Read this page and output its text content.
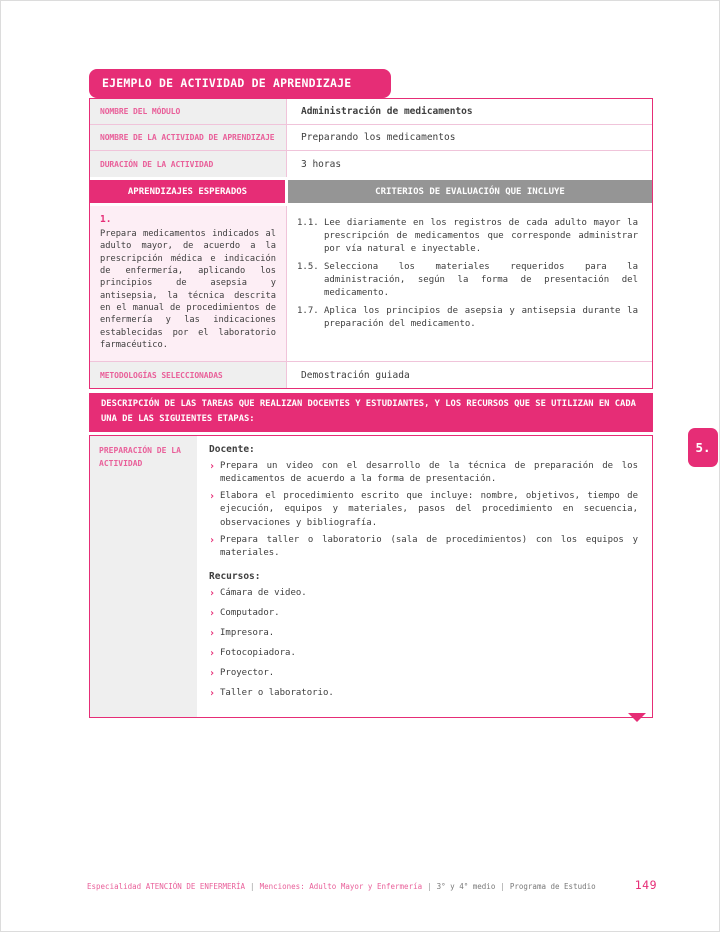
EJEMPLO DE ACTIVIDAD DE APRENDIZAJE
NOMBRE DEL MÓDULO	Administración de medicamentos
NOMBRE DE LA ACTIVIDAD DE APRENDIZAJE	Preparando los medicamentos
DURACIÓN DE LA ACTIVIDAD	3 horas
APRENDIZAJES ESPERADOS	CRITERIOS DE EVALUACIÓN QUE INCLUYE
1.
Prepara medicamentos indicados al adulto mayor, de acuerdo a la prescripción médica e indicación de enfermería, aplicando los principios de asepsia y antisepsia, la técnica descrita en el manual de procedimientos de enfermería y las indicaciones establecidas por el laboratorio farmacéutico.
1.1. Lee diariamente en los registros de cada adulto mayor la prescripción de medicamentos que corresponde administrar por vía natural e inyectable.
1.5. Selecciona los materiales requeridos para la administración, según la forma de presentación del medicamento.
1.7. Aplica los principios de asepsia y antisepsia durante la preparación del medicamento.
METODOLOGÍAS SELECCIONADAS	Demostración guiada
DESCRIPCIÓN DE LAS TAREAS QUE REALIZAN DOCENTES Y ESTUDIANTES, Y LOS RECURSOS QUE SE UTILIZAN EN CADA UNA DE LAS SIGUIENTES ETAPAS:
PREPARACIÓN DE LA ACTIVIDAD
Docente:
› Prepara un video con el desarrollo de la técnica de preparación de los medicamentos de acuerdo a la forma de presentación.
› Elabora el procedimiento escrito que incluye: nombre, objetivos, tiempo de ejecución, equipos y materiales, pasos del procedimiento en secuencia, observaciones y bibliografía.
› Prepara taller o laboratorio (sala de procedimientos) con los equipos y materiales.
Recursos:
› Cámara de video.
› Computador.
› Impresora.
› Fotocopiadora.
› Proyector.
› Taller o laboratorio.
5.
Especialidad ATENCIÓN DE ENFERMERÍA | Menciones: Adulto Mayor y Enfermería | 3° y 4° medio | Programa de Estudio	149
